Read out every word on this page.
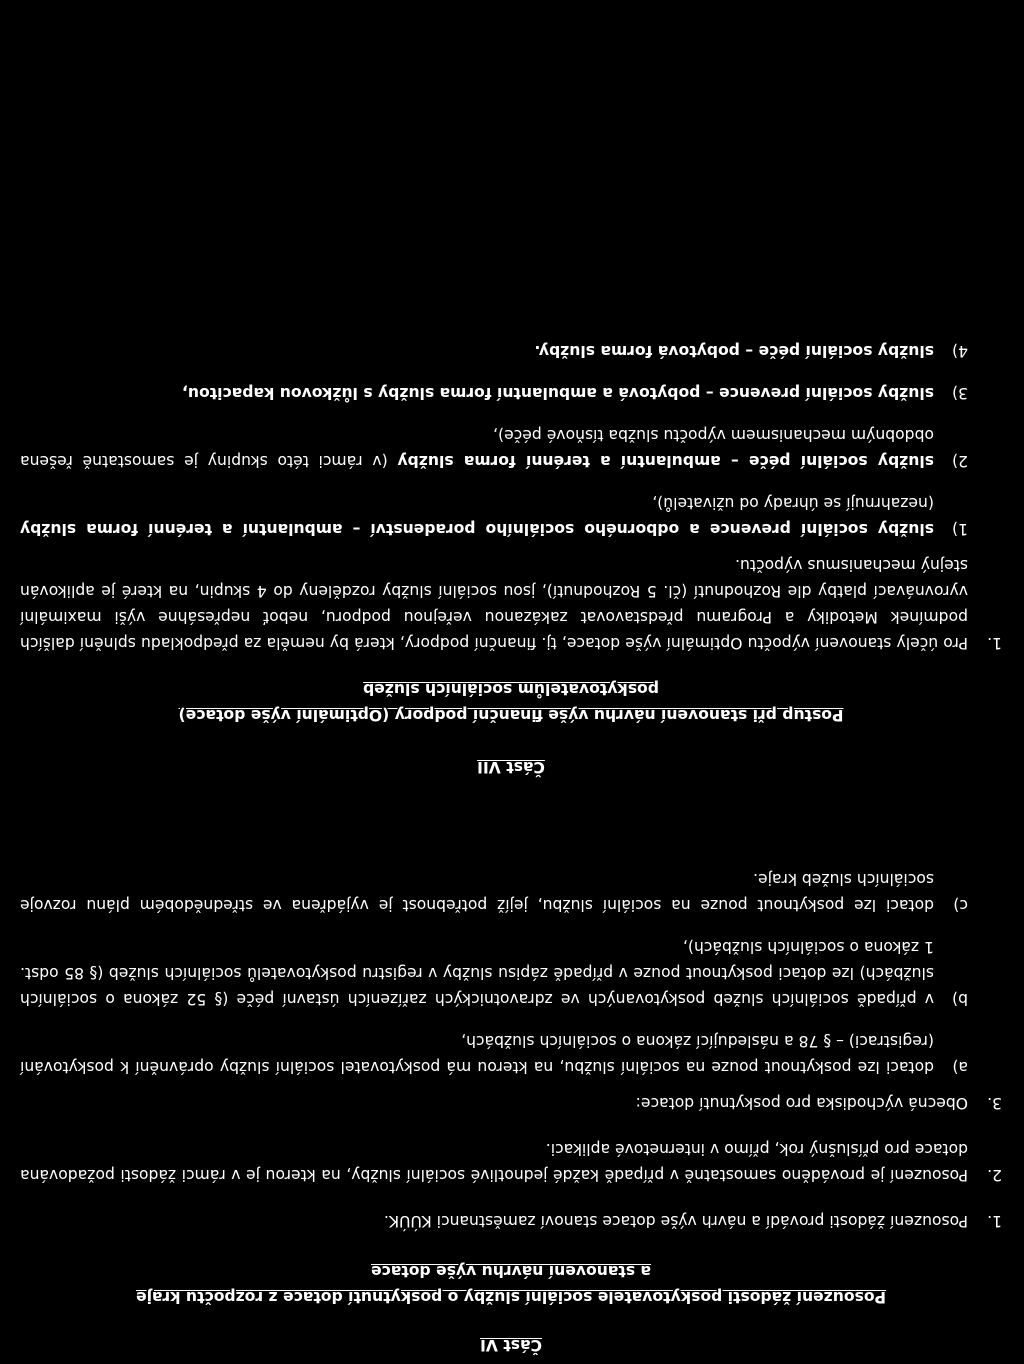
Část VI

Posouzení žádosti poskytovatele sociální služby o poskytnutí dotace z rozpočtu kraje

a stanovení návrhu výše dotace

1.
Posouzení žádosti provádí a návrh výše dotace stanoví zaměstnanci KÚÚK.
2.
Posouzení je prováděno samostatně v případě každé jednotlivé sociální služby, na kterou je v rámci žádosti požadována dotace pro příslušný rok, přímo v internetové aplikaci.
3.
Obecná východiska pro poskytnutí dotace:
a)
dotaci lze poskytnout pouze na sociální službu, na kterou má poskytovatel sociální služby oprávnění k poskytování (registraci) – § 78 a následující zákona o sociálních službách,
b)
v případě sociálních služeb poskytovaných ve zdravotnických zařízeních ústavní péče (§ 52 zákona o sociálních službách) lze dotaci poskytnout pouze v případě zápisu služby v registru poskytovatelů sociálních služeb (§ 85 odst. 1 zákona o sociálních službách),
c)
dotaci lze poskytnout pouze na sociální službu, jejíž potřebnost je vyjádřena ve střednědobém plánu rozvoje sociálních služeb kraje.

Část VII

Postup při stanovení návrhu výše finanční podpory (Optimální výše dotace)

poskytovatelům sociálních služeb

1.
Pro účely stanovení výpočtu Optimální výše dotace, tj. finanční podpory, která by neměla za předpokladu splnění dalších podmínek Metodiky a Programu představovat zakázanou veřejnou podporu, neboť nepřesáhne výši maximální vyrovnávací platby dle Rozhodnutí (čl. 5 Rozhodnutí), jsou sociální služby rozděleny do 4 skupin, na které je aplikován stejný mechanismus výpočtu.
1)
služby sociální prevence a odborného sociálního poradenství – ambulantní a terénní forma služby (nezahrnují se úhrady od uživatelů),
2)
služby sociální péče – ambulantní a terénní forma služby (v rámci této skupiny je samostatně řešena obdobným mechanismem výpočtu služba tísňové péče),
3)
služby sociální prevence – pobytová a ambulantní forma služby s lůžkovou kapacitou,
4)
služby sociální péče – pobytová forma služby.
